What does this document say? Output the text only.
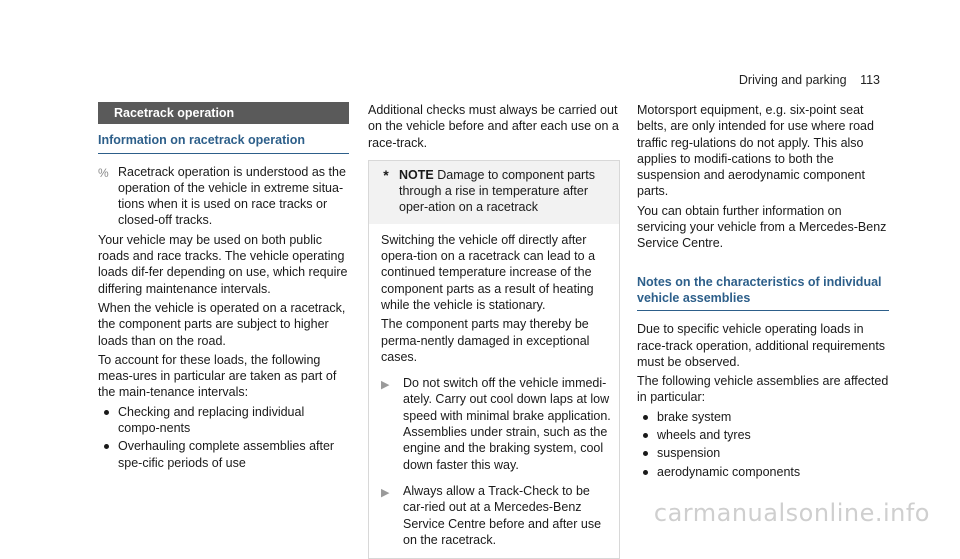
Driving and parking 113
Racetrack operation
Information on racetrack operation
% Racetrack operation is understood as the operation of the vehicle in extreme situa-tions when it is used on race tracks or closed-off tracks.

Your vehicle may be used on both public roads and race tracks. The vehicle operating loads dif-fer depending on use, which require differing maintenance intervals.

When the vehicle is operated on a racetrack, the component parts are subject to higher loads than on the road.

To account for these loads, the following meas-ures in particular are taken as part of the main-tenance intervals:

Checking and replacing individual compo-nents
Overhauling complete assemblies after spe-cific periods of use

Additional checks must always be carried out on the vehicle before and after each use on a race-track.

* NOTE Damage to component parts through a rise in temperature after oper-ation on a racetrack

Switching the vehicle off directly after opera-tion on a racetrack can lead to a continued temperature increase of the component parts as a result of heating while the vehicle is stationary.

The component parts may thereby be perma-nently damaged in exceptional cases.

▶	Do not switch off the vehicle immedi-ately. Carry out cool down laps at low speed with minimal brake application. Assemblies under strain, such as the engine and the braking system, cool down faster this way.
▶	Always allow a Track-Check to be car-ried out at a Mercedes-Benz Service Centre before and after use on the racetrack.

Motorsport equipment, e.g. six-point seat belts, are only intended for use where road traffic reg-ulations do not apply. This also applies to modifi-cations to both the suspension and aerodynamic component parts.

You can obtain further information on servicing your vehicle from a Mercedes-Benz Service Centre.

Notes on the characteristics of individual vehicle assemblies

Due to specific vehicle operating loads in race-track operation, additional requirements must be observed.

The following vehicle assemblies are affected in particular:

brake system
wheels and tyres
suspension
aerodynamic components
carmanualsonline.info
